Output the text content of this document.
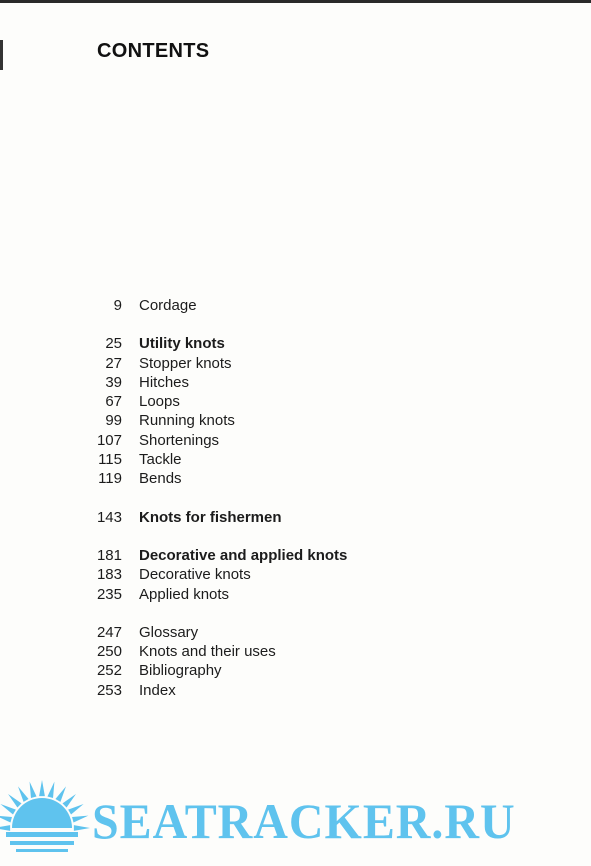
CONTENTS
9 Cordage
25 Utility knots
27 Stopper knots
39 Hitches
67 Loops
99 Running knots
107 Shortenings
115 Tackle
119 Bends
143 Knots for fishermen
181 Decorative and applied knots
183 Decorative knots
235 Applied knots
247 Glossary
250 Knots and their uses
252 Bibliography
253 Index
SEATRACKER.RU
